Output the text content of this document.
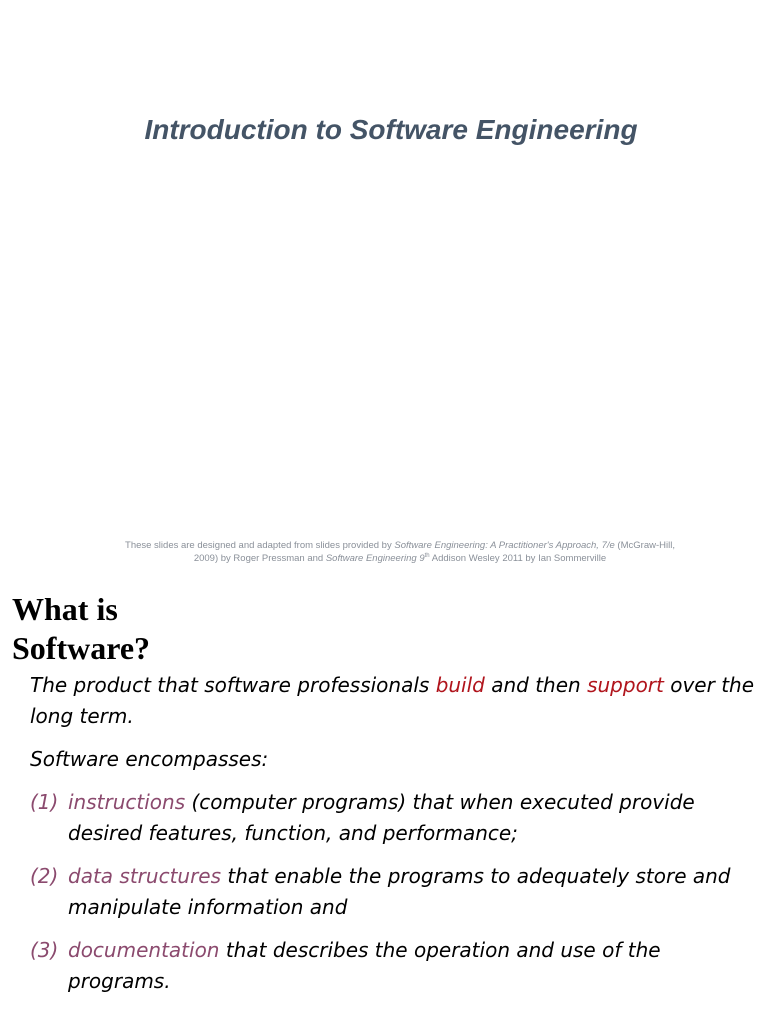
Introduction to Software Engineering
These slides are designed and adapted from slides provided by Software Engineering: A Practitioner's Approach, 7/e (McGraw-Hill,
2009) by Roger Pressman and Software Engineering 9th Addison Wesley 2011 by Ian Sommerville
What is
Software?

The product that software professionals build and then support over the long term.

Software encompasses:

(1) instructions (computer programs) that when executed provide desired features, function, and performance;
(2) data structures that enable the programs to adequately store and manipulate information and
(3) documentation that describes the operation and use of the programs.
